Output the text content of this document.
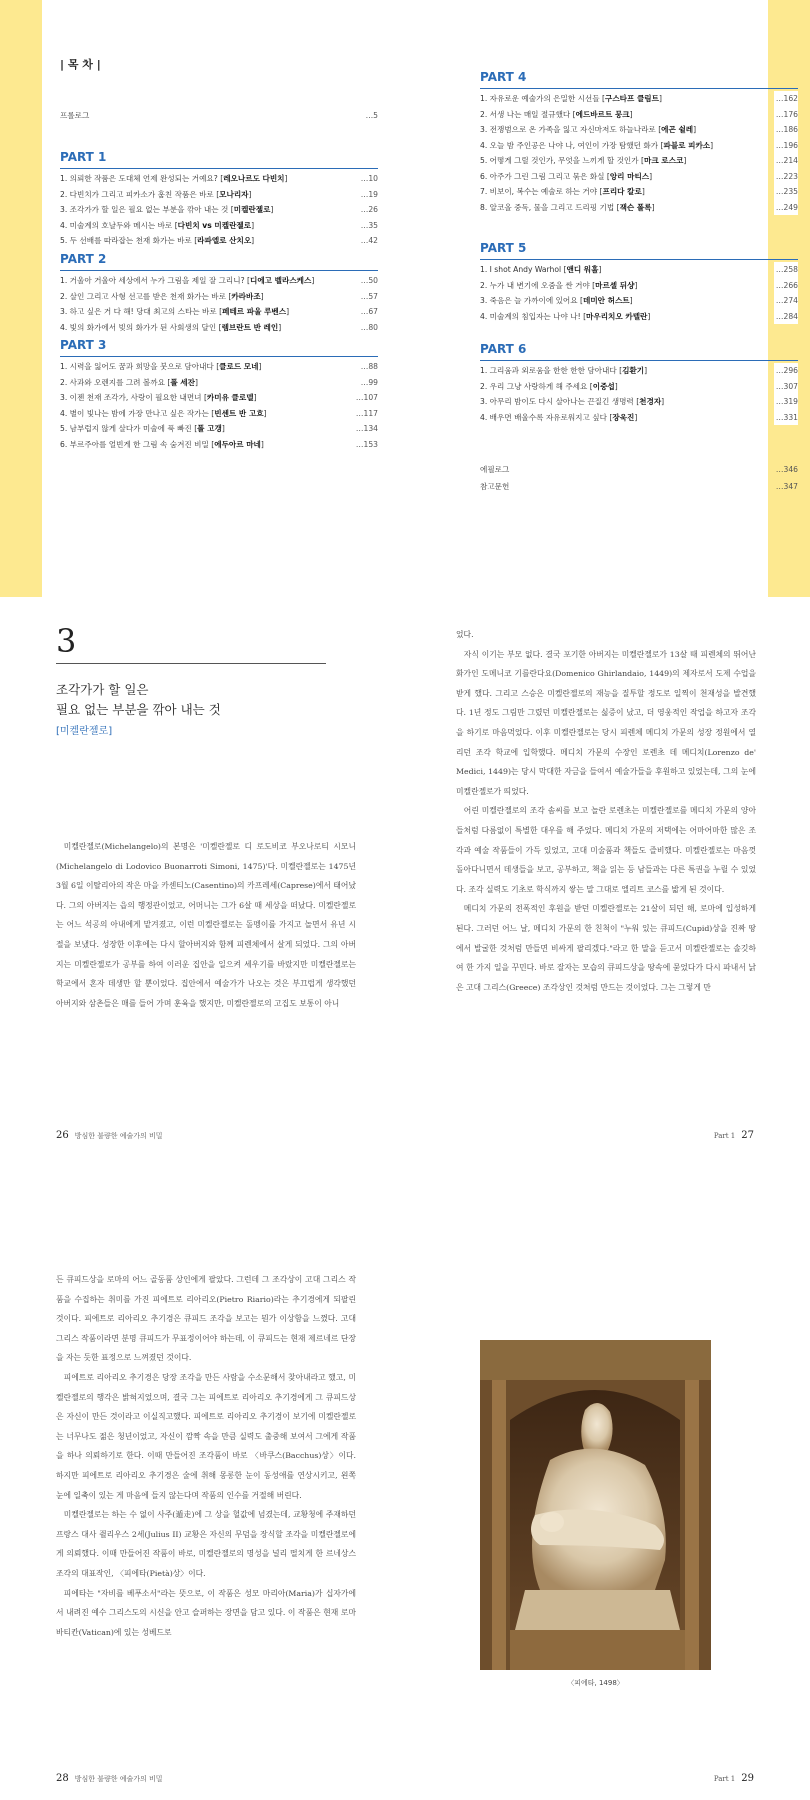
| 목 차 |
프롤로그	…5
PART 1
1. 의뢰한 작품은 도대체 언제 완성되는 거예요? [레오나르도 다빈치]	…10
2. 다빈치가 그리고 피카소가 훔친 작품은 바로 [모나리자]	…19
3. 조각가가 할 일은 필요 없는 부분을 깎아 내는 것 [미켈란젤로]	…26
4. 미술계의 호날두와 메시는 바로 [다빈치 vs 미켈란젤로]	…35
5. 두 선배를 따라잡는 천재 화가는 바로 [라파엘로 산치오]	…42
PART 2
1. 거울아 거울아 세상에서 누가 그림을 제일 잘 그리니? [디에고 벨라스케스]	…50
2. 살인 그리고 사형 선고를 받은 천재 화가는 바로 [카라바조]	…57
3. 하고 싶은 거 다 해! 당대 최고의 스타는 바로 [페테르 파울 루벤스]	…67
4. 빛의 화가에서 빚의 화가가 된 사회생의 달인 [렘브란트 반 레인]	…80
PART 3
1. 시력을 잃어도 꿈과 희망을 붓으로 담아내다 [클로드 모네]	…88
2. 사과와 오렌지를 그려 볼까요 [폴 세잔]	…99
3. 이젠 천재 조각가, 사랑이 필요한 내면녀 [카미유 클로델]	…107
4. 별이 빛나는 밤에 가장 만나고 싶은 작가는 [빈센트 반 고흐]	…117
5. 남부럽지 않게 살다가 미술에 푹 빠진 [폴 고갱]	…134
6. 부르주아를 얼빈게 한 그림 속 숨겨진 비밀 [에두아르 마네]	…153
PART 4
1. 자유로운 예술가의 은밀한 시선들 [구스타프 클림트]	…162
2. 서생 나는 매일 절규했다 [에드바르트 뭉크]	…176
3. 전쟁범으로 온 가족을 잃고 자신마저도 하늘나라로 [에곤 쉴레]	…186
4. 오늘 밤 주인공은 나야 나, 여인이 가장 탐했던 화가 [파블로 피카소]	…196
5. 어떻게 그릴 것인가, 무엇을 느끼게 할 것인가 [마크 로스코]	…214
6. 아주가 그린 그림 그리고 묶은 화실 [앙리 마티스]	…223
7. 비보이, 복수는 예술로 하는 거야 [프리다 칼로]	…235
8. 알코올 중독, 물을 그리고 드리핑 기법 [잭슨 폴록]	…249
PART 5
1. I shot Andy Warhol [앤디 워홀]	…258
2. 누가 내 변기에 오줌을 싼 거야 [마르셀 뒤샹]	…266
3. 죽음은 늘 가까이에 있어요 [데미안 허스트]	…274
4. 미술계의 침입자는 나야 나! [마우리치오 카텔란]	…284
PART 6
1. 그리움과 외로움을 한한 한한 담아내다 [김환기]	…296
2. 우리 그냥 사랑하게 해 주세요 [이중섭]	…307
3. 아무리 밤이도 다시 살아나는 끈질긴 생명력 [천경자]	…319
4. 배우면 배울수록 자유로워지고 싶다 [장욱진]	…331
에필로그	…346
참고문헌	…347
3
조각가가 할 일은
필요 없는 부분을 깎아 내는 것
[미켈란젤로]

미켈란젤로(Michelangelo)의 본명은 '미켈란젤로 디 로도비코 부오나로티 시모니(Michelangelo di Lodovico Buonarroti Simoni, 1475)'다. 미켈란젤로는 1475년 3월 6일 이탈리아의 작은 마을 카센티노(Casentino)의 카프레세(Caprese)에서 태어났다. 그의 아버지는 읍의 행정관이었고, 어머니는 그가 6살 때 세상을 떠났다. 미켈란젤로는 어느 석공의 아내에게 맡겨졌고, 이런 미켈란젤로는 돌멩이를 가지고 놀면서 유년 시절을 보냈다. 성장한 이후에는 다시 할아버지와 함께 피렌체에서 살게 되었다. 그의 아버지는 미켈란젤로가 공부를 하여 이러운 집안을 일으켜 세우기를 바랐지만 미켈란젤로는 학교에서 혼자 데생만 할 뿐이었다. 집안에서 예술가가 나오는 것은 부끄럽게 생각했던 아버지와 삼촌들은 매를 들어 가며 훈육을 했지만, 미켈란젤로의 고집도 보통이 아니

26 방심한 불량한 예술가의 비밀

었다.

자식 이기는 부모 없다. 결국 포기한 아버지는 미켈란젤로가 13살 때 피렌체의 뛰어난 화가인 도메니코 기를란다요(Domenico Ghirlandaio, 1449)의 제자로서 도제 수업을 받게 했다. 그리고 스승은 미켈란젤로의 재능을 질투할 정도로 일찍이 천재성을 발견했다. 1년 정도 그림만 그렸던 미켈란젤로는 싫증이 났고, 더 영웅적인 작업을 하고자 조각을 하기로 마음먹었다. 이후 미켈란젤로는 당시 피렌체 메디치 가문의 성장 정원에서 열리던 조각 학교에 입학했다. 메디치 가문의 수장인 로렌초 데 메디치(Lorenzo de' Medici, 1449)는 당시 막대한 자금을 들여서 예술가들을 후원하고 있었는데, 그의 눈에 미켈란젤로가 띄었다.

어린 미켈란젤로의 조각 솜씨를 보고 놀란 로렌초는 미켈란젤로를 메디치 가문의 양아들처럼 다름없이 특별한 대우를 해 주었다. 메디치 가문의 저택에는 어마어마한 많은 조각과 예술 작품들이 가득 있었고, 고대 미술품과 책들도 즐비했다. 미켈란젤로는 마음껏 돌아다니면서 데생들을 보고, 공부하고, 책을 읽는 등 남들과는 다른 특권을 누릴 수 있었다. 조각 실력도 기초로 학식까지 쌓는 말 그대로 엘리트 코스를 밟게 된 것이다.

메디치 가문의 전폭적인 후원을 받던 미켈란젤로는 21살이 되던 해, 로마에 입성하게 된다. 그러던 어느 날, 메디치 가문의 한 친척이 "누워 있는 큐피드(Cupid)상을 진짜 땅에서 발굴한 것처럼 만들면 비싸게 팔리겠다."라고 한 말을 듣고서 미켈란젤로는 솔깃하여 한 가지 일을 꾸민다. 바로 잘자는 모습의 큐피드상을 땅속에 묻었다가 다시 파내서 낡은 고대 그리스(Greece) 조각상인 것처럼 만드는 것이었다. 그는 그렇게 만

Part 1 27

든 큐피드상을 로마의 어느 골동품 상인에게 팔았다. 그런데 그 조각상이 고대 그리스 작품을 수집하는 취미를 가진 피에트로 리아리오(Pietro Riario)라는 추기경에게 되팔린 것이다. 피에트로 리아리오 추기경은 큐피드 조각을 보고는 뭔가 이상함을 느꼈다. 고대 그리스 작품이라면 분명 큐피드가 무표정이어야 하는데, 이 큐피드는 현재 제르네르 단장을 자는 듯한 표정으로 느껴졌던 것이다.

피에트로 리아리오 추기경은 당장 조각을 만든 사람을 수소문해서 찾아내라고 했고, 미켈란젤로의 행각은 밝혀지었으며, 결국 그는 피에트로 리아리오 추기경에게 그 큐피드상은 자신이 만든 것이라고 이실직고했다. 피에트로 리아리오 추기경이 보기에 미켈란젤로는 너무나도 젊은 청년이었고, 자신이 깜짝 속을 만큼 실력도 출중해 보여서 그에게 작품을 하나 의뢰하기로 한다. 이때 만들어진 조각품이 바로 〈바쿠스(Bacchus)상〉이다. 하지만 피에트로 리아리오 추기경은 술에 취해 몽롱한 눈이 동성애를 연상시키고, 왼쪽 눈에 일축이 있는 게 마음에 들지 않는다며 작품의 인수를 거절해 버린다.

미켈란젤로는 하는 수 없이 사주(遁走)에 그 상을 헐값에 넘겼는데, 교황청에 주재하던 프랑스 대사 쥘리우스 2세(Julius II) 교황은 자신의 무덤을 장식할 조각을 미켈란젤로에게 의뢰했다. 이때 만들어진 작품이 바로, 미켈란젤로의 명성을 널리 떨치게 한 르네상스 조각의 대표작인, 〈피에타(Pietà)상〉이다.

피에타는 "자비를 베푸소서"라는 뜻으로, 이 작품은 성모 마리아(Maria)가 십자가에서 내려진 예수 그리스도의 시신을 안고 슬퍼하는 장면을 담고 있다. 이 작품은 현재 로마 바티칸(Vatican)에 있는 성베드로

28 방심한 불량한 예술가의 비밀
〈피에타, 1498〉
Part 1 29
